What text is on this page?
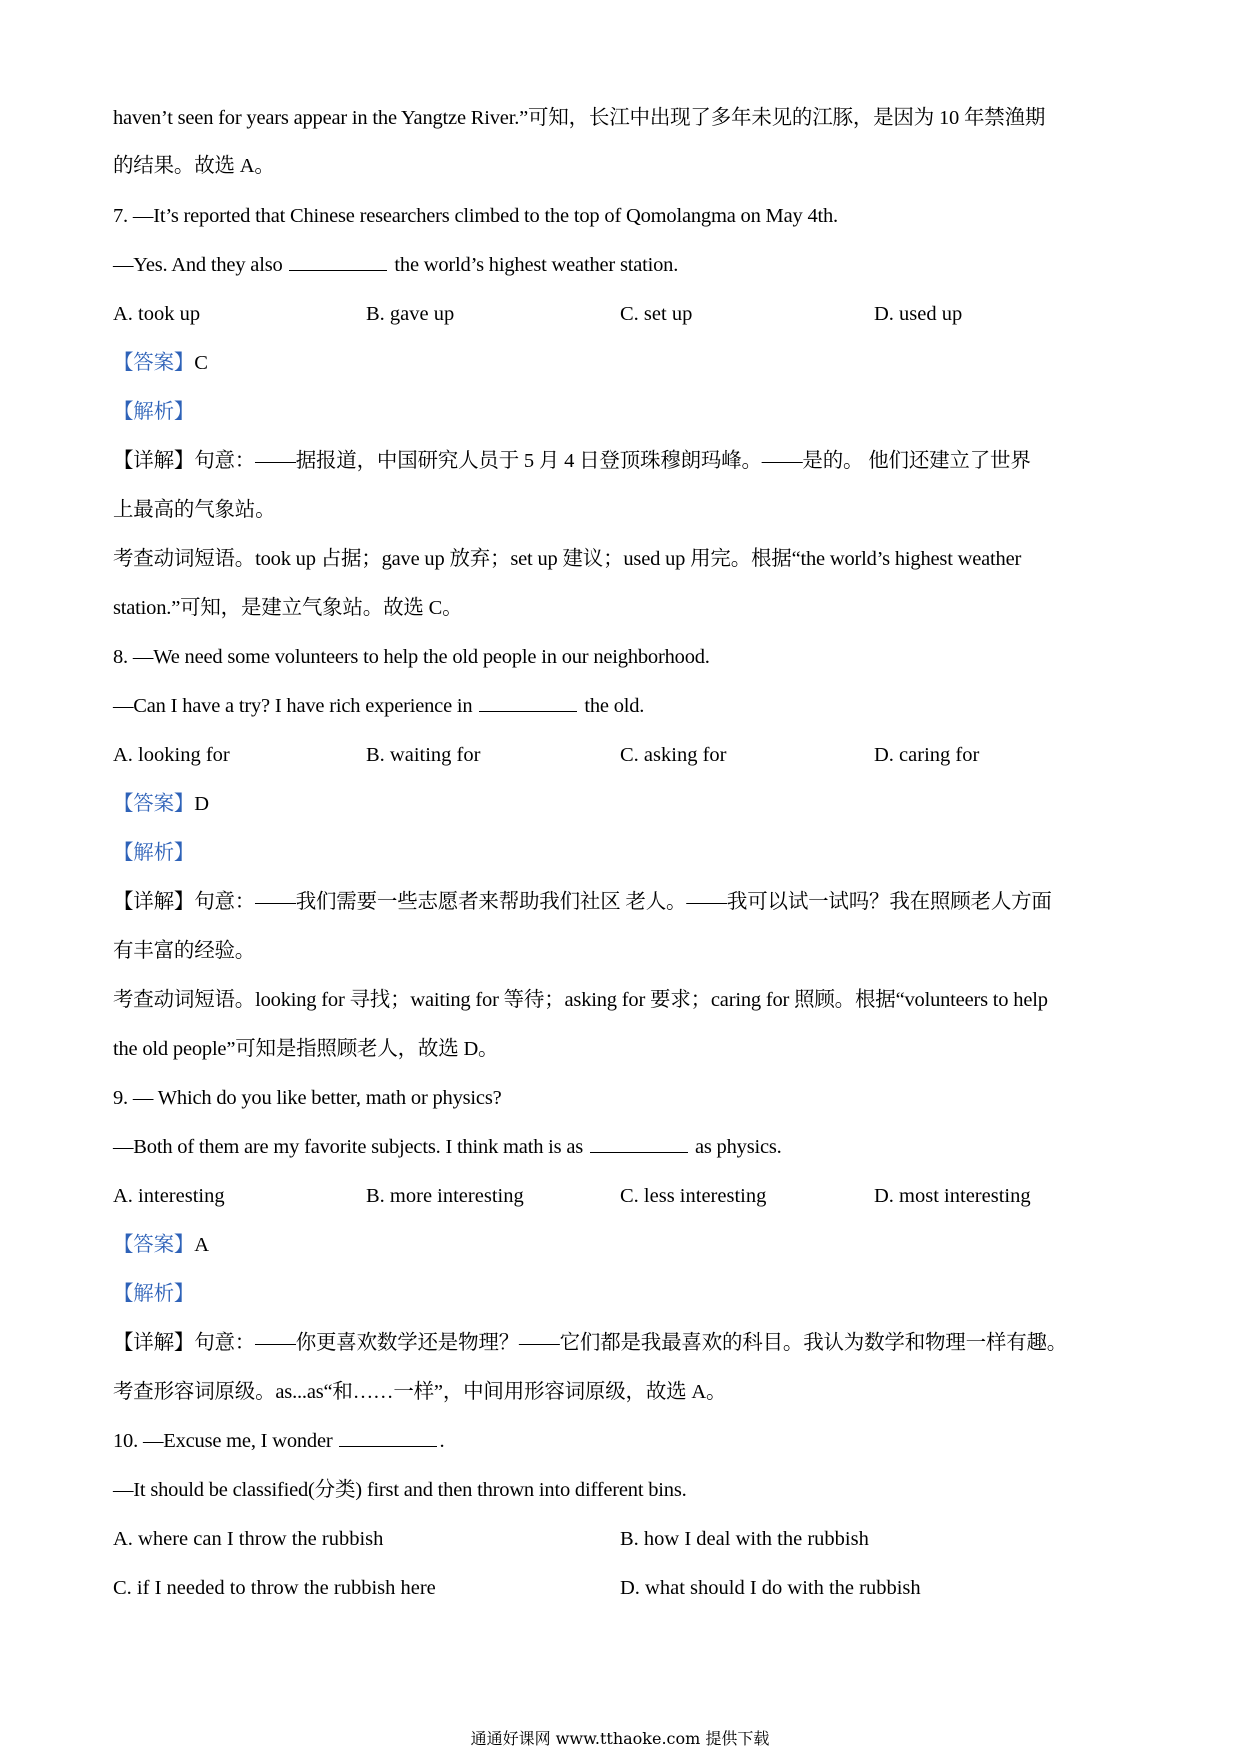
haven’t seen for years appear in the Yangtze River.”可知，长江中出现了多年未见的江豚，是因为 10 年禁渔期
的结果。故选 A。
7. —It’s reported that Chinese researchers climbed to the top of Qomolangma on May 4th.
—Yes. And they also	the world’s highest weather station.
A. took up	B. gave up	C. set up	D. used up
【答案】C
【解析】
【详解】句意：——据报道，中国研究人员于 5 月 4 日登顶珠穆朗玛峰。——是的。 他们还建立了世界
上最高的气象站。
考查动词短语。took up 占据；gave up 放弃；set up 建议；used up 用完。根据“the world’s highest weather
station.”可知，是建立气象站。故选 C。
8. —We need some volunteers to help the old people in our neighborhood.
—Can I have a try? I have rich experience in	the old.
A. looking for	B. waiting for	C. asking for	D. caring for
【答案】D
【解析】
【详解】句意：——我们需要一些志愿者来帮助我们社区 老人。——我可以试一试吗？我在照顾老人方面
有丰富的经验。
考查动词短语。looking for 寻找；waiting for 等待；asking for 要求；caring for 照顾。根据“volunteers to help
the old people”可知是指照顾老人，故选 D。
9. — Which do you like better, math or physics?
—Both of them are my favorite subjects. I think math is as	as physics.
A. interesting	B. more interesting	C. less interesting	D. most interesting
【答案】A
【解析】
【详解】句意：——你更喜欢数学还是物理？——它们都是我最喜欢的科目。我认为数学和物理一样有趣。
考查形容词原级。as...as“和……一样”，中间用形容词原级，故选 A。
10. —Excuse me, I wonder	.
—It should be classified(分类) first and then thrown into different bins.
A. where can I throw the rubbish	B. how I deal with the rubbish
C. if I needed to throw the rubbish here	D. what should I do with the rubbish
通通好课网 www.tthaoke.com 提供下载
